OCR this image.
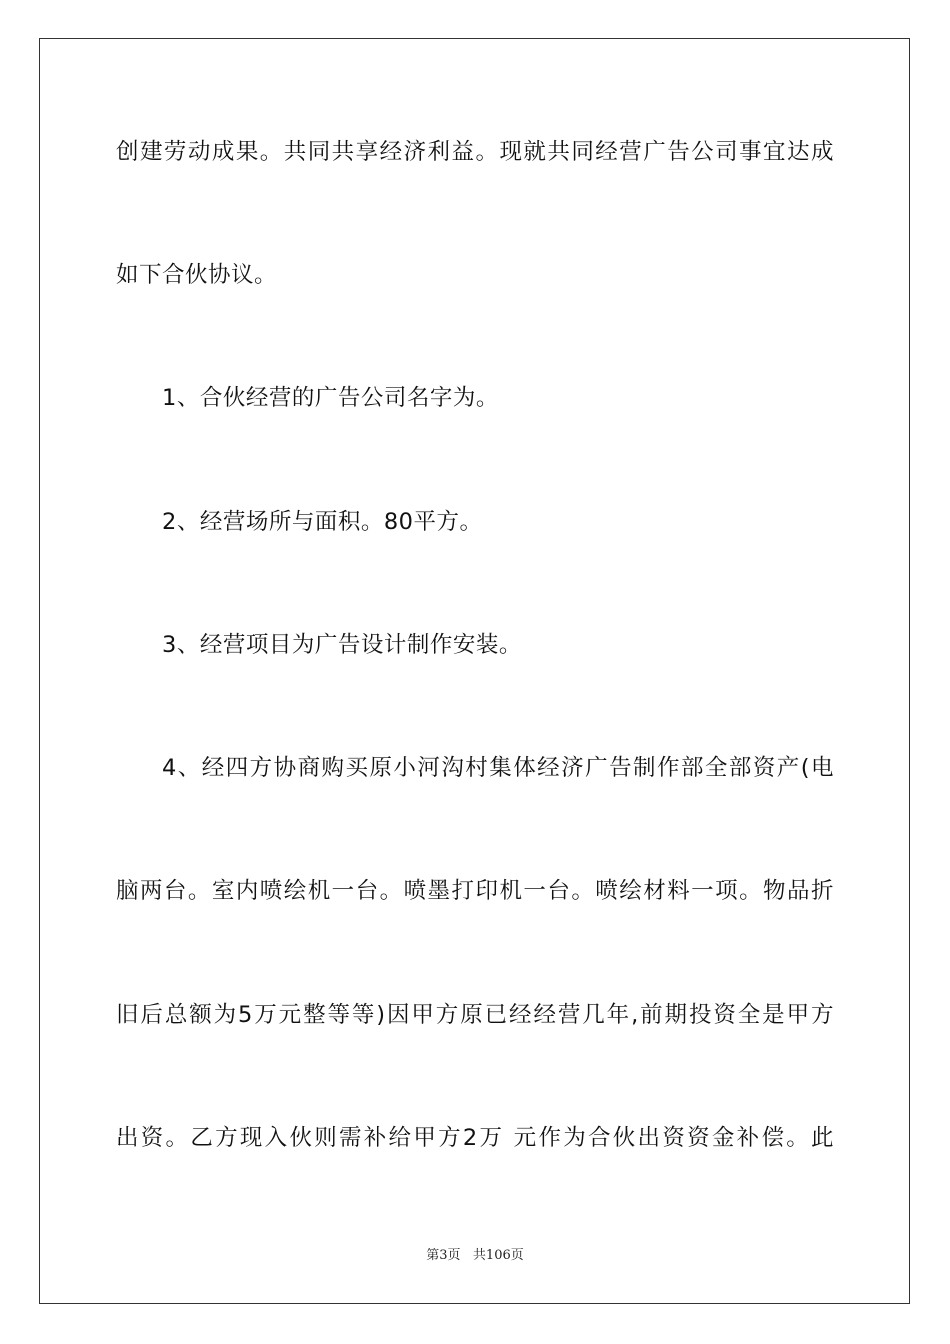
创建劳动成果。共同共享经济利益。现就共同经营广告公司事宜达成
如下合伙协议。
1、合伙经营的广告公司名字为。
2、经营场所与面积。80平方。
3、经营项目为广告设计制作安装。
4、经四方协商购买原小河沟村集体经济广告制作部全部资产(电
脑两台。室内喷绘机一台。喷墨打印机一台。喷绘材料一项。物品折
旧后总额为5万元整等等)因甲方原已经经营几年,前期投资全是甲方
出资。乙方现入伙则需补给甲方2万 元作为合伙出资资金补偿。此
第3页 共106页
